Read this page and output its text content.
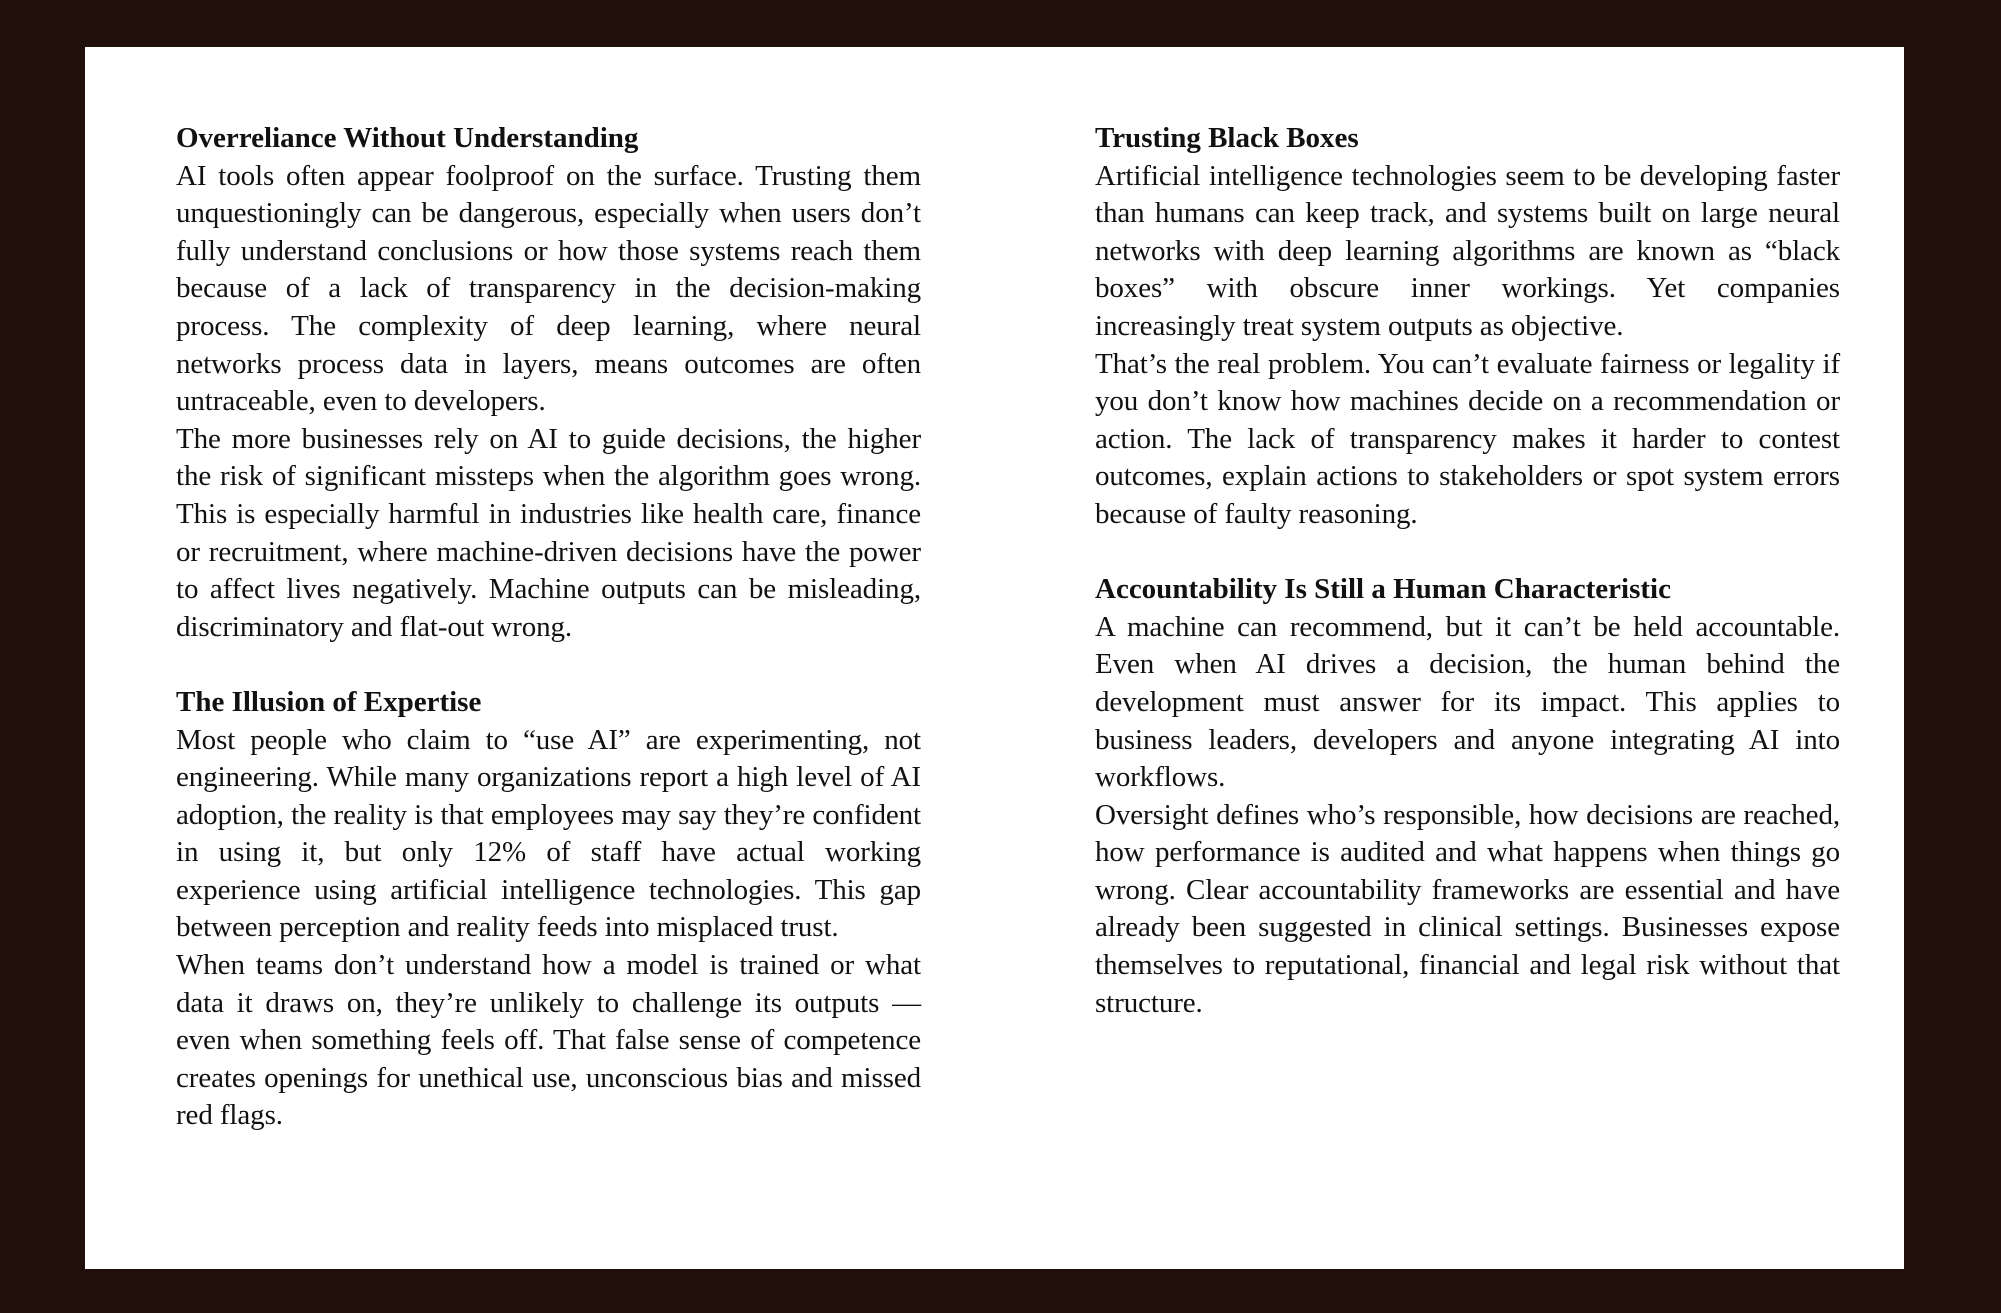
Overreliance Without Understanding

AI tools often appear foolproof on the surface. Trusting them unquestioningly can be dangerous, especially when users don’t fully understand conclusions or how those systems reach them because of a lack of transparency in the decision-making process. The complexity of deep learning, where neural networks process data in layers, means outcomes are often untraceable, even to developers.

The more businesses rely on AI to guide decisions, the higher the risk of significant missteps when the algorithm goes wrong. This is especially harmful in industries like health care, finance or recruitment, where machine-driven decisions have the power to affect lives negatively. Machine outputs can be misleading, discriminatory and flat-out wrong.

The Illusion of Expertise

Most people who claim to “use AI” are experimenting, not engineering. While many organizations report a high level of AI adoption, the reality is that employees may say they’re confident in using it, but only 12% of staff have actual working experience using artificial intelligence technologies. This gap between perception and reality feeds into misplaced trust.

When teams don’t understand how a model is trained or what data it draws on, they’re unlikely to challenge its outputs — even when something feels off. That false sense of competence creates openings for unethical use, unconscious bias and missed red flags.

Trusting Black Boxes

Artificial intelligence technologies seem to be developing faster than humans can keep track, and systems built on large neural networks with deep learning algorithms are known as “black boxes” with obscure inner workings. Yet companies increasingly treat system outputs as objective.

That’s the real problem. You can’t evaluate fairness or legality if you don’t know how machines decide on a recommendation or action. The lack of transparency makes it harder to contest outcomes, explain actions to stakeholders or spot system errors because of faulty reasoning.

Accountability Is Still a Human Characteristic

A machine can recommend, but it can’t be held accountable. Even when AI drives a decision, the human behind the development must answer for its impact. This applies to business leaders, developers and anyone integrating AI into workflows.

Oversight defines who’s responsible, how decisions are reached, how performance is audited and what happens when things go wrong. Clear accountability frameworks are essential and have already been suggested in clinical settings. Businesses expose themselves to reputational, financial and legal risk without that structure.
